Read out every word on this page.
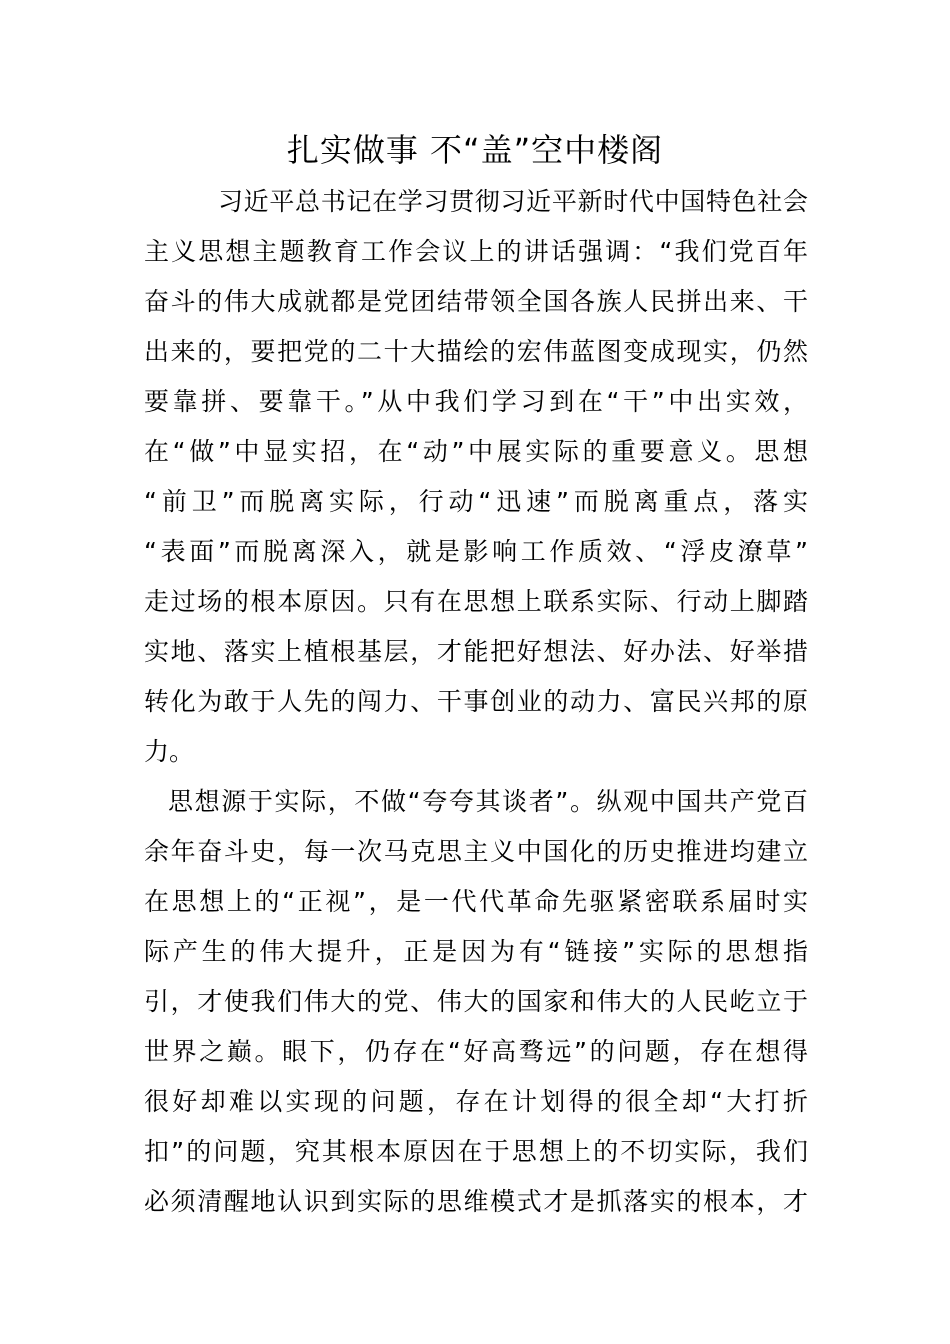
扎实做事 不“盖”空中楼阁
习近平总书记在学习贯彻习近平新时代中国特色社会
主义思想主题教育工作会议上的讲话强调：“我们党百年
奋斗的伟大成就都是党团结带领全国各族人民拼出来、干
出来的，要把党的二十大描绘的宏伟蓝图变成现实，仍然
要靠拼、要靠干。”从中我们学习到在“干”中出实效，
在“做”中显实招，在“动”中展实际的重要意义。思想
“前卫”而脱离实际，行动“迅速”而脱离重点，落实
“表面”而脱离深入，就是影响工作质效、“浮皮潦草”
走过场的根本原因。只有在思想上联系实际、行动上脚踏
实地、落实上植根基层，才能把好想法、好办法、好举措
转化为敢于人先的闯力、干事创业的动力、富民兴邦的原
力。
思想源于实际，不做“夸夸其谈者”。纵观中国共产党百
余年奋斗史，每一次马克思主义中国化的历史推进均建立
在思想上的“正视”，是一代代革命先驱紧密联系届时实
际产生的伟大提升，正是因为有“链接”实际的思想指
引，才使我们伟大的党、伟大的国家和伟大的人民屹立于
世界之巅。眼下，仍存在“好高骛远”的问题，存在想得
很好却难以实现的问题，存在计划得的很全却“大打折
扣”的问题，究其根本原因在于思想上的不切实际，我们
必须清醒地认识到实际的思维模式才是抓落实的根本，才
